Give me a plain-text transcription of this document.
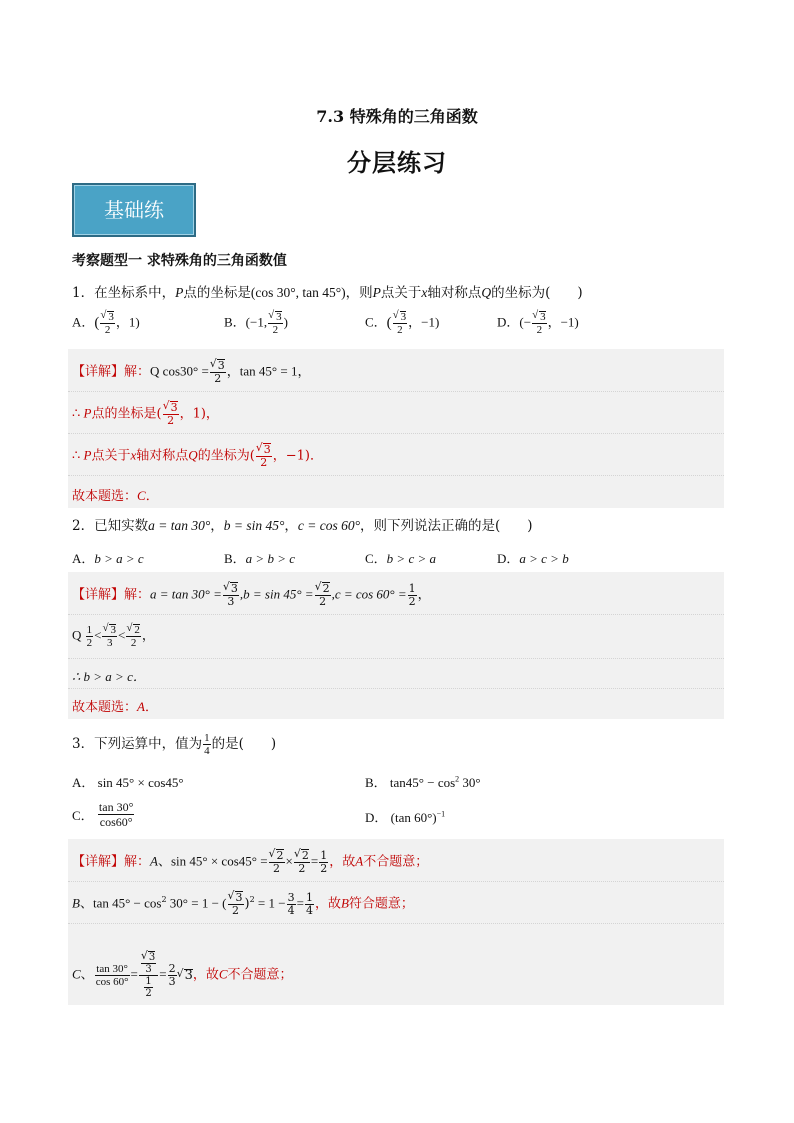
7.3 特殊角的三角函数
分层练习
基础练
考察题型一 求特殊角的三角函数值
1．在坐标系中，P点的坐标是(cos 30°, tan 45°)，则P点关于x轴对称点Q的坐标为(　　)
A．( √ $\frac{3}{2}$ ，1)	B．(−1, √ $\frac{3}{2}$ )	C．( √ $\frac{3}{2}$ ，−1)	D．(− √ $\frac{3}{2}$ ，−1)
【详解】解：Q cos30° = √ $\frac{3}{2}$ ，tan 45° = 1，
∴ P点的坐标是( √ $\frac{3}{2}$ ，1)，
∴ P点关于x轴对称点Q的坐标为( √ $\frac{3}{2}$ ，−1)．
故本题选：C．
2．已知实数a = tan 30°，b = sin 45°，c = cos 60°，则下列说法正确的是(　　)
A．b > a > c	B．a > b > c	C．b > c > a	D．a > c > b
【详解】解：a = tan 30° = √ $\frac{3}{3} ,b = \sin 45^\circ$ = √ $\frac{2}{2} ,c = \cos 60^\circ = \frac{1}{2}$ ，
Q $\frac{1}{2}$ < √ $\frac{3}{3}$ < √ $\frac{2}{2}$ ，
∴ b > a > c．
故本题选：A．
3．下列运算中，值为 $\frac{1}{4}$ 的是(　　)
A． sin 45° × cos45°	B． $\tan 45^\circ - \cos^2 30^\circ$
C． $\frac{\tan 30^\circ}{\cos 60^\circ}$	D． (tan 60°)$^{-1}$
【详解】解：A、sin 45° × cos45° = √ $\frac{2}{2}$ × √ $\frac{2}{2} = \frac{1}{2}$ ，故A不合题意；
B、$\tan 45^\circ - \cos^2 30^\circ = 1$ − ( √ $\frac{3}{2} )^2 = 1 - \frac{3}{4} = \frac{1}{4}$ ，故B符合题意；
C、 $\frac{\tan 30^\circ}{\cos 60^\circ}$ = √ $\frac{\frac{3}{3}}{\frac{1}{2}} = \frac{2}{3}$ √ 3，故C不合题意；
